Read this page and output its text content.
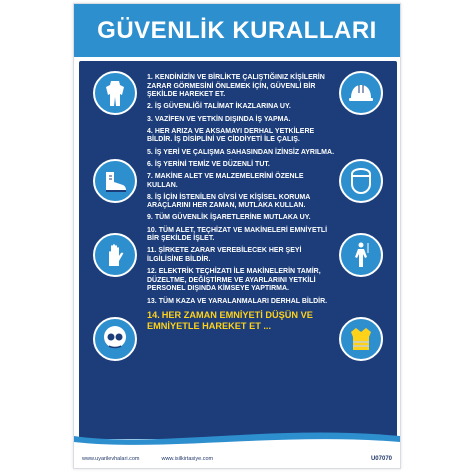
GÜVENLİK KURALLARI
1. KENDİNİZİN VE BİRLİKTE ÇALIŞTIĞINIZ KİŞİLERİN ZARAR GÖRMESİNİ ÖNLEMEK İÇİN, GÜVENLİ BİR ŞEKİLDE HAREKET ET.
2. İŞ GÜVENLİĞİ TALİMAT İKAZLARINA UY.
3. VAZİFEN VE YETKİN DIŞINDA İŞ YAPMA.
4. HER ARIZA VE AKSAMAYI DERHAL YETKİLERE BİLDİR. İŞ DİSİPLİNİ VE CİDDİYETİ İLE ÇALIŞ.
5. İŞ YERİ VE ÇALIŞMA SAHASINDAN İZİNSİZ AYRILMA.
6. İŞ YERİNİ TEMİZ VE DÜZENLİ TUT.
7. MAKİNE ALET VE MALZEMELERİNİ ÖZENLE KULLAN.
8. İŞ İÇİN İSTENİLEN GİYSİ VE KİŞİSEL KORUMA ARAÇLARINI HER ZAMAN, MUTLAKA KULLAN.
9. TÜM GÜVENLİK İŞARETLERİNE MUTLAKA UY.
10. TÜM ALET, TEÇHİZAT VE MAKİNELERİ EMNİYETLİ BİR ŞEKİLDE İŞLET.
11. ŞİRKETE ZARAR VEREBİLECEK HER ŞEYİ İLGİLİSİNE BİLDİR.
12. ELEKTRİK TEÇHİZATI İLE MAKİNELERİN TAMİR, DÜZELTME, DEĞİŞTİRME VE AYARLARINI YETKİLİ PERSONEL DIŞINDA KİMSEYE YAPTIRMA.
13. TÜM KAZA VE YARALANMALARI DERHAL BİLDİR.
14. HER ZAMAN EMNİYETİ DÜŞÜN VE EMNİYETLE HAREKET ET ...
www.uyarilevhalari.com	www.isilkirtasiye.com	U07070
